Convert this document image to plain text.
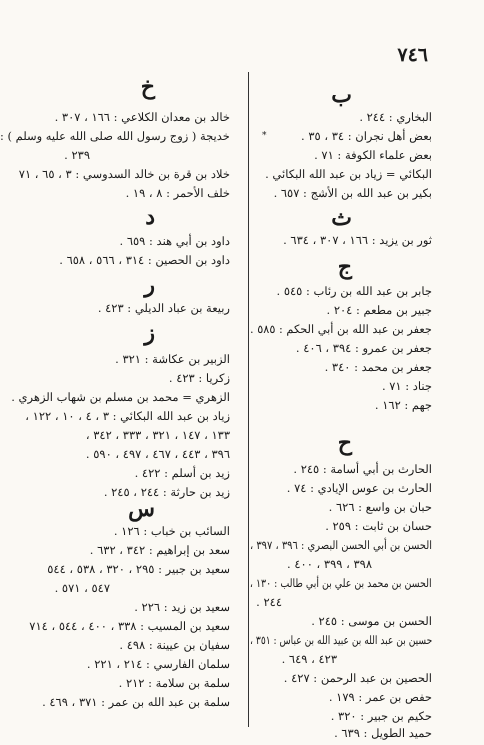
٧٤٦
*
ب
البخاري : ٢٤٤ .
بعض أهل نجران : ٣٤ ، ٣٥ .
بعض علماء الكوفة : ٧١ .
البكائي = زياد بن عبد الله البكائي .
بكير بن عبد الله بن الأشج : ٦٥٧ .
ث
ثور بن يزيد : ١٦٦ ، ٣٠٧ ، ٦٣٤ .
ج
جابر بن عبد الله بن رئاب : ٥٤٥ .
جبير بن مطعم : ٢٠٤ .
جعفر بن عبد الله بن أبي الحكم : ٥٨٥ .
جعفر بن عمرو : ٣٩٤ ، ٤٠٦ .
جعفر بن محمد : ٣٤٠ .
جناد : ٧١ .
جهم : ١٦٢ .
ح
الحارث بن أبي أسامة : ٢٤٥ .
الحارث بن عوس الإيادي : ٧٤ .
حبان بن واسع : ٦٢٦ .
حسان بن ثابت : ٢٥٩ .
الحسن بن أبي الحسن البصري : ٣٩٦ ، ٣٩٧ ،
٣٩٨ ، ٣٩٩ ، ٤٠٠ .
الحسن بن محمد بن علي بن أبي طالب : ١٣٠ ،
٢٤٤ .
الحسن بن موسى : ٢٤٥ .
حسين بن عبد الله بن عبيد الله بن عباس : ٣٥١ ،
٤٢٣ ، ٦٤٩ .
الحصين بن عبد الرحمن : ٤٢٧ .
حفص بن عمر : ١٧٩ .
حكيم بن جبير : ٣٢٠ .
حميد الطويل : ٦٣٩ .
خ
خالد بن معدان الكلاعي : ١٦٦ ، ٣٠٧ .
خديجة ( زوج رسول الله صلى الله عليه وسلم ) :
٢٣٩ .
خلاد بن قرة بن خالد السدوسي : ٣ ، ٦٥ ، ٧١
خلف الأحمر : ٨ ، ١٩ .
د
داود بن أبي هند : ٦٥٩ .
داود بن الحصين : ٣١٤ ، ٥٦٦ ، ٦٥٨ .
ر
ربيعة بن عباد الديلي : ٤٢٣ .
ز
الزبير بن عكاشة : ٣٢١ .
زكريا : ٤٢٣ .
الزهري = محمد بن مسلم بن شهاب الزهري .
زياد بن عبد الله البكائي : ٣ ، ٤ ، ١٠ ، ١٢٢ ،
١٣٣ ، ١٤٧ ، ٣٢١ ، ٣٣٣ ، ٣٤٢ ،
٣٩٦ ، ٤٤٣ ، ٤٦٧ ، ٤٩٧ ، ٥٩٠ .
زيد بن أسلم : ٤٢٢ .
زيد بن حارثة : ٢٤٤ ، ٢٤٥ .
س
السائب بن خباب : ١٢٦ .
سعد بن إبراهيم : ٣٤٢ ، ٦٣٢ .
سعيد بن جبير : ٢٩٥ ، ٣٢٠ ، ٥٣٨ ، ٥٤٤
٥٤٧ ، ٥٧١ .
سعيد بن زيد : ٢٢٦ .
سعيد بن المسيب : ٣٣٨ ، ٤٠٠ ، ٥٤٤ ، ٧١٤
سفيان بن عيينة : ٤٩٨ .
سلمان الفارسي : ٢١٤ ، ٢٢١ .
سلمة بن سلامة : ٢١٢ .
سلمة بن عبد الله بن عمر : ٣٧١ ، ٤٦٩ .
